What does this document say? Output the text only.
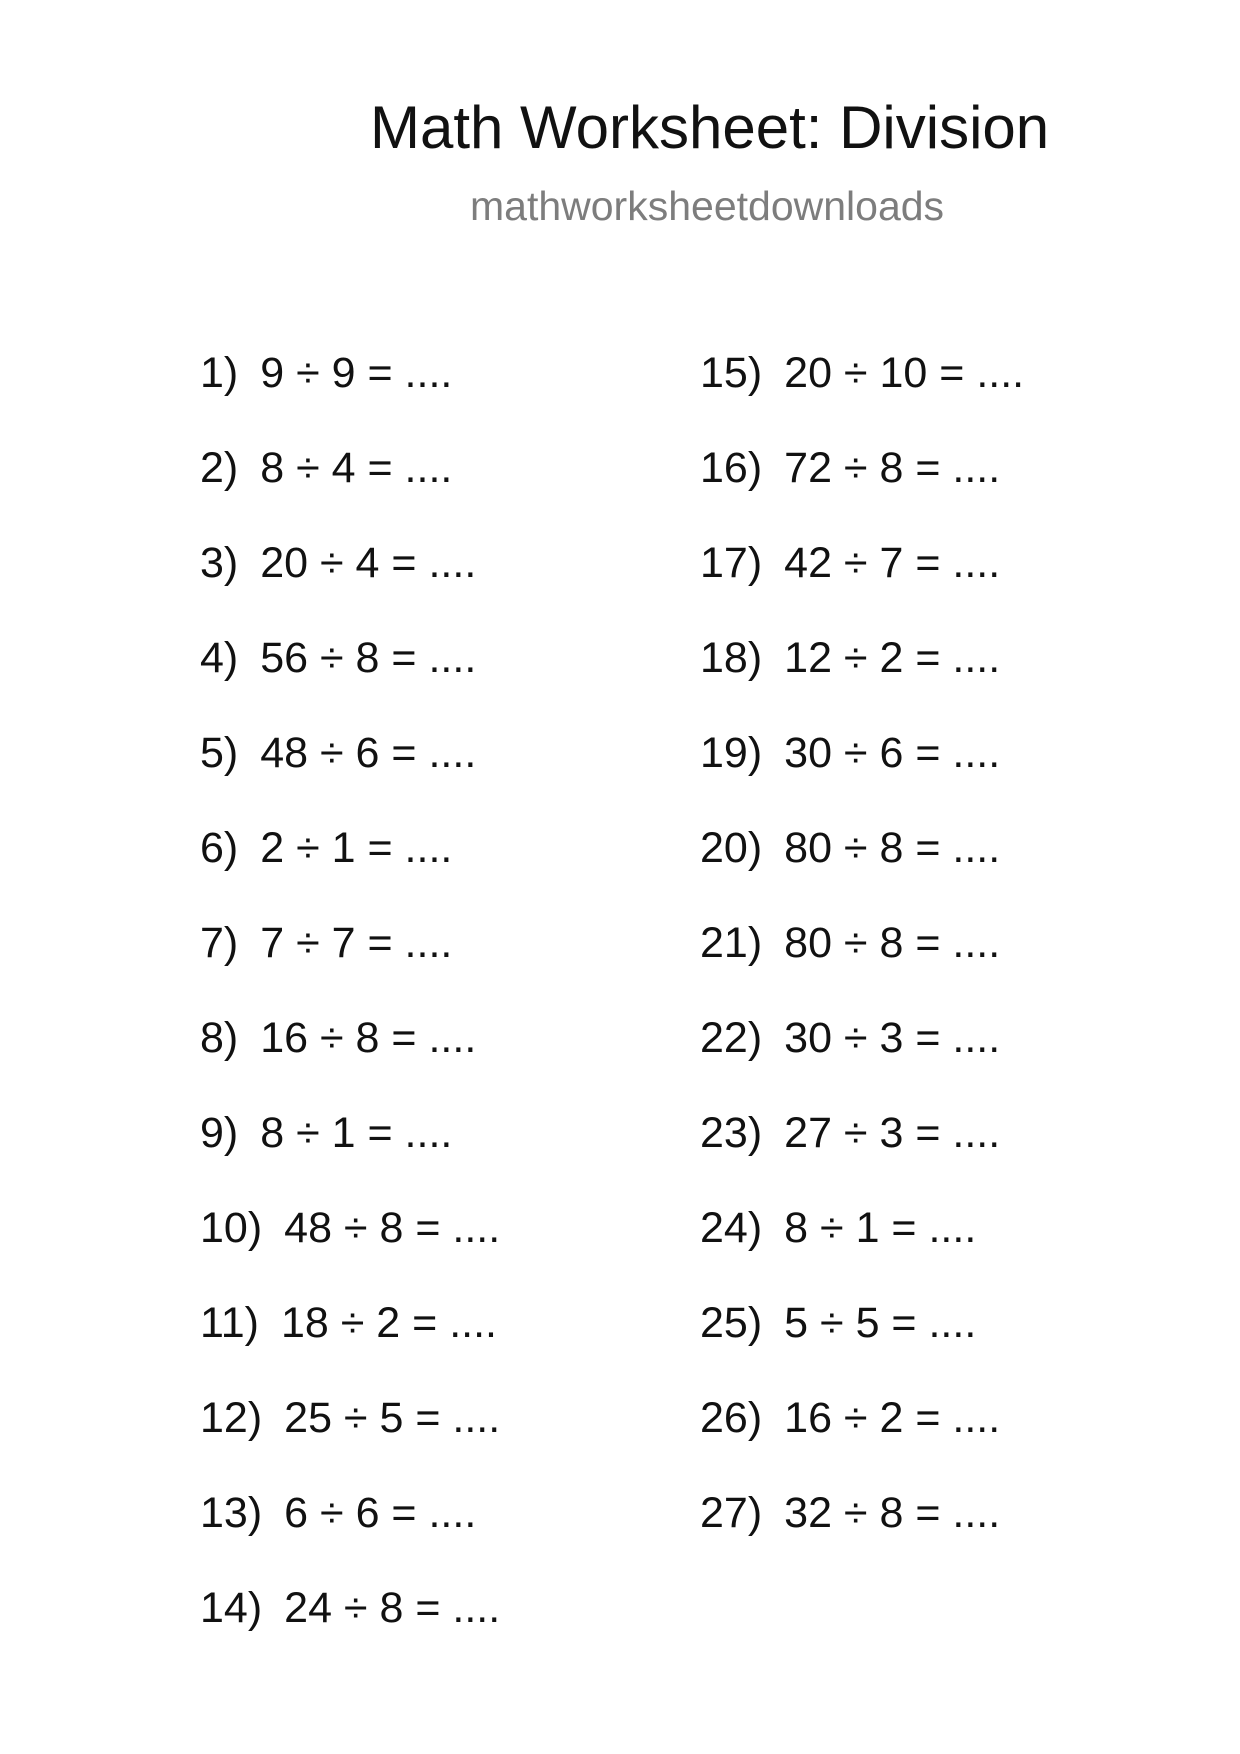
Math Worksheet: Division
mathworksheetdownloads
1) 9 ÷ 9 = ....
2) 8 ÷ 4 = ....
3) 20 ÷ 4 = ....
4) 56 ÷ 8 = ....
5) 48 ÷ 6 = ....
6) 2 ÷ 1 = ....
7) 7 ÷ 7 = ....
8) 16 ÷ 8 = ....
9) 8 ÷ 1 = ....
10) 48 ÷ 8 = ....
11) 18 ÷ 2 = ....
12) 25 ÷ 5 = ....
13) 6 ÷ 6 = ....
14) 24 ÷ 8 = ....
15) 20 ÷ 10 = ....
16) 72 ÷ 8 = ....
17) 42 ÷ 7 = ....
18) 12 ÷ 2 = ....
19) 30 ÷ 6 = ....
20) 80 ÷ 8 = ....
21) 80 ÷ 8 = ....
22) 30 ÷ 3 = ....
23) 27 ÷ 3 = ....
24) 8 ÷ 1 = ....
25) 5 ÷ 5 = ....
26) 16 ÷ 2 = ....
27) 32 ÷ 8 = ....
